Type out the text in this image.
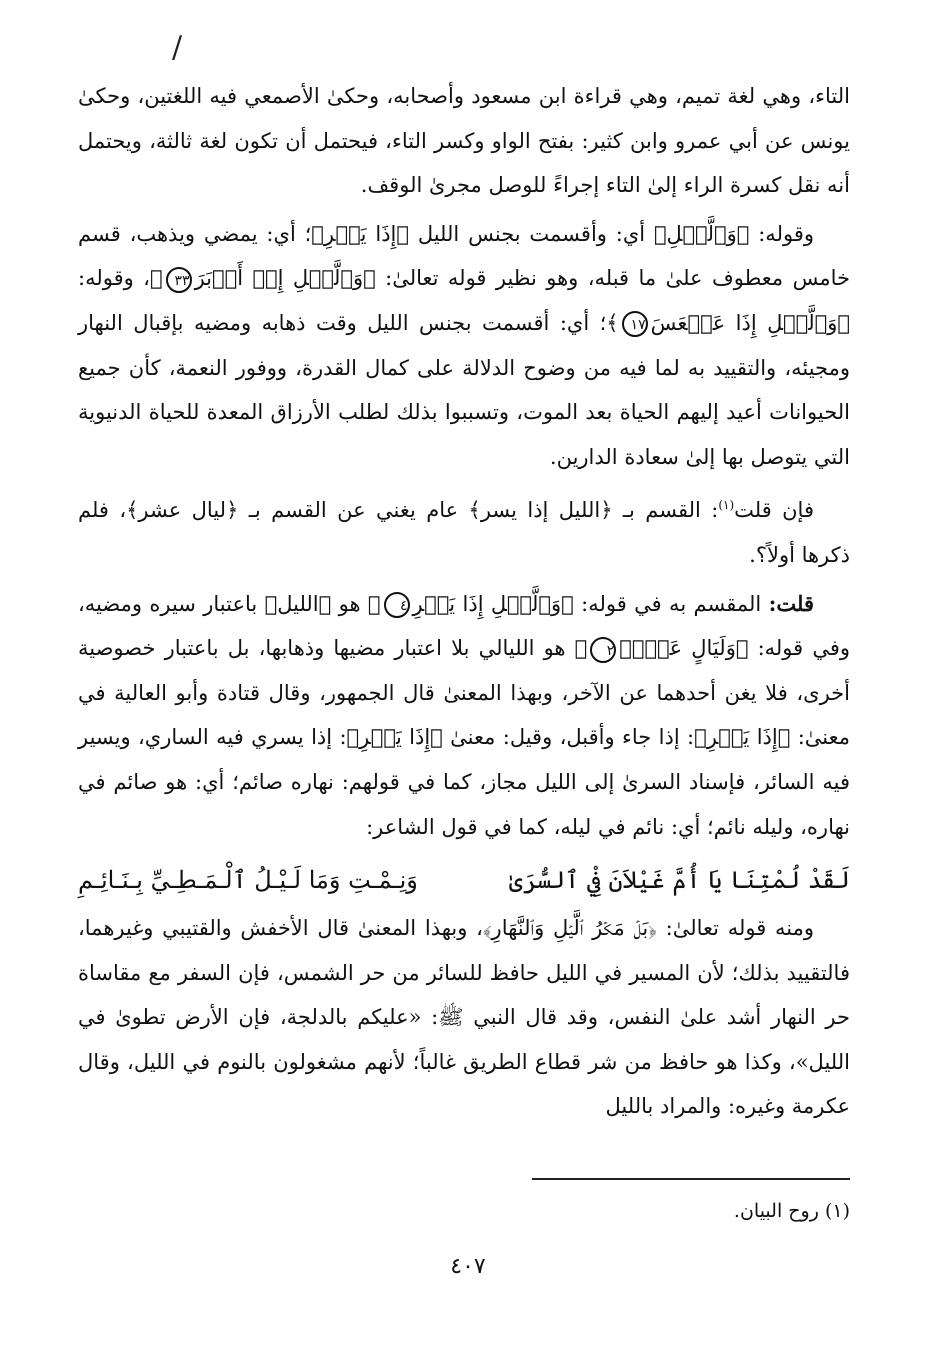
/

التاء، وهي لغة تميم، وهي قراءة ابن مسعود وأصحابه، وحكىٰ الأصمعي فيه اللغتين، وحكىٰ يونس عن أبي عمرو وابن كثير: بفتح الواو وكسر التاء، فيحتمل أن تكون لغة ثالثة، ويحتمل أنه نقل كسرة الراء إلىٰ التاء إجراءً للوصل مجرىٰ الوقف.

وقوله: ﴿وَٱلَّيۡلِ﴾ أي: وأقسمت بجنس الليل ﴿إِذَا يَسۡرِ﴾؛ أي: يمضي ويذهب، قسم خامس معطوف علىٰ ما قبله، وهو نظير قوله تعالىٰ: ﴿وَٱلَّيۡلِ إِذۡ أَدۡبَرَ٣٣﴾، وقوله: ﴿وَٱلَّيۡلِ إِذَا عَسۡعَسَ١٧﴾؛ أي: أقسمت بجنس الليل وقت ذهابه ومضيه بإقبال النهار ومجيئه، والتقييد به لما فيه من وضوح الدلالة على كمال القدرة، ووفور النعمة، كأن جميع الحيوانات أعيد إليهم الحياة بعد الموت، وتسببوا بذلك لطلب الأرزاق المعدة للحياة الدنيوية التي يتوصل بها إلىٰ سعادة الدارين.

فإن قلت$^{(١)}$: القسم بـ ﴿الليل إذا يسر﴾ عام يغني عن القسم بـ ﴿ليال عشر﴾، فلم ذكرها أولاً؟.

قلت: المقسم به في قوله: ﴿وَٱلَّيۡلِ إِذَا يَسۡرِ٤﴾ هو ﴿الليل﴾ باعتبار سيره ومضيه، وفي قوله: ﴿وَلَيَالٍ عَشۡرٖ٢﴾ هو الليالي بلا اعتبار مضيها وذهابها، بل باعتبار خصوصية أخرى، فلا يغن أحدهما عن الآخر، وبهذا المعنىٰ قال الجمهور، وقال قتادة وأبو العالية في معنىٰ: ﴿إِذَا يَسۡرِ﴾: إذا جاء وأقبل، وقيل: معنىٰ ﴿إِذَا يَسۡرِ﴾: إذا يسري فيه الساري، ويسير فيه السائر، فإسناد السرىٰ إلى الليل مجاز، كما في قولهم: نهاره صائم؛ أي: هو صائم في نهاره، وليله نائم؛ أي: نائم في ليله، كما في قول الشاعر:

لَقَدْ لُمْتِنَا يَا أُمَّ غَيْلاَنَ فِيْ ٱلسُّرَىٰ
وَنِـمْـتِ وَمَا لَـيْـلُ ٱلْـمَـطِـيِّ بِـنَـائِـمِ

ومنه قوله تعالىٰ: ﴿بَلۡ مَكۡرُ ٱلَّيۡلِ وَٱلنَّهَارِ﴾، وبهذا المعنىٰ قال الأخفش والقتيبي وغيرهما، فالتقييد بذلك؛ لأن المسير في الليل حافظ للسائر من حر الشمس، فإن السفر مع مقاساة حر النهار أشد علىٰ النفس، وقد قال النبي ﷺ: «عليكم بالدلجة، فإن الأرض تطوىٰ في الليل»، وكذا هو حافظ من شر قطاع الطريق غالباً؛ لأنهم مشغولون بالنوم في الليل، وقال عكرمة وغيره: والمراد بالليل

(١) روح البيان.
٤٠٧
